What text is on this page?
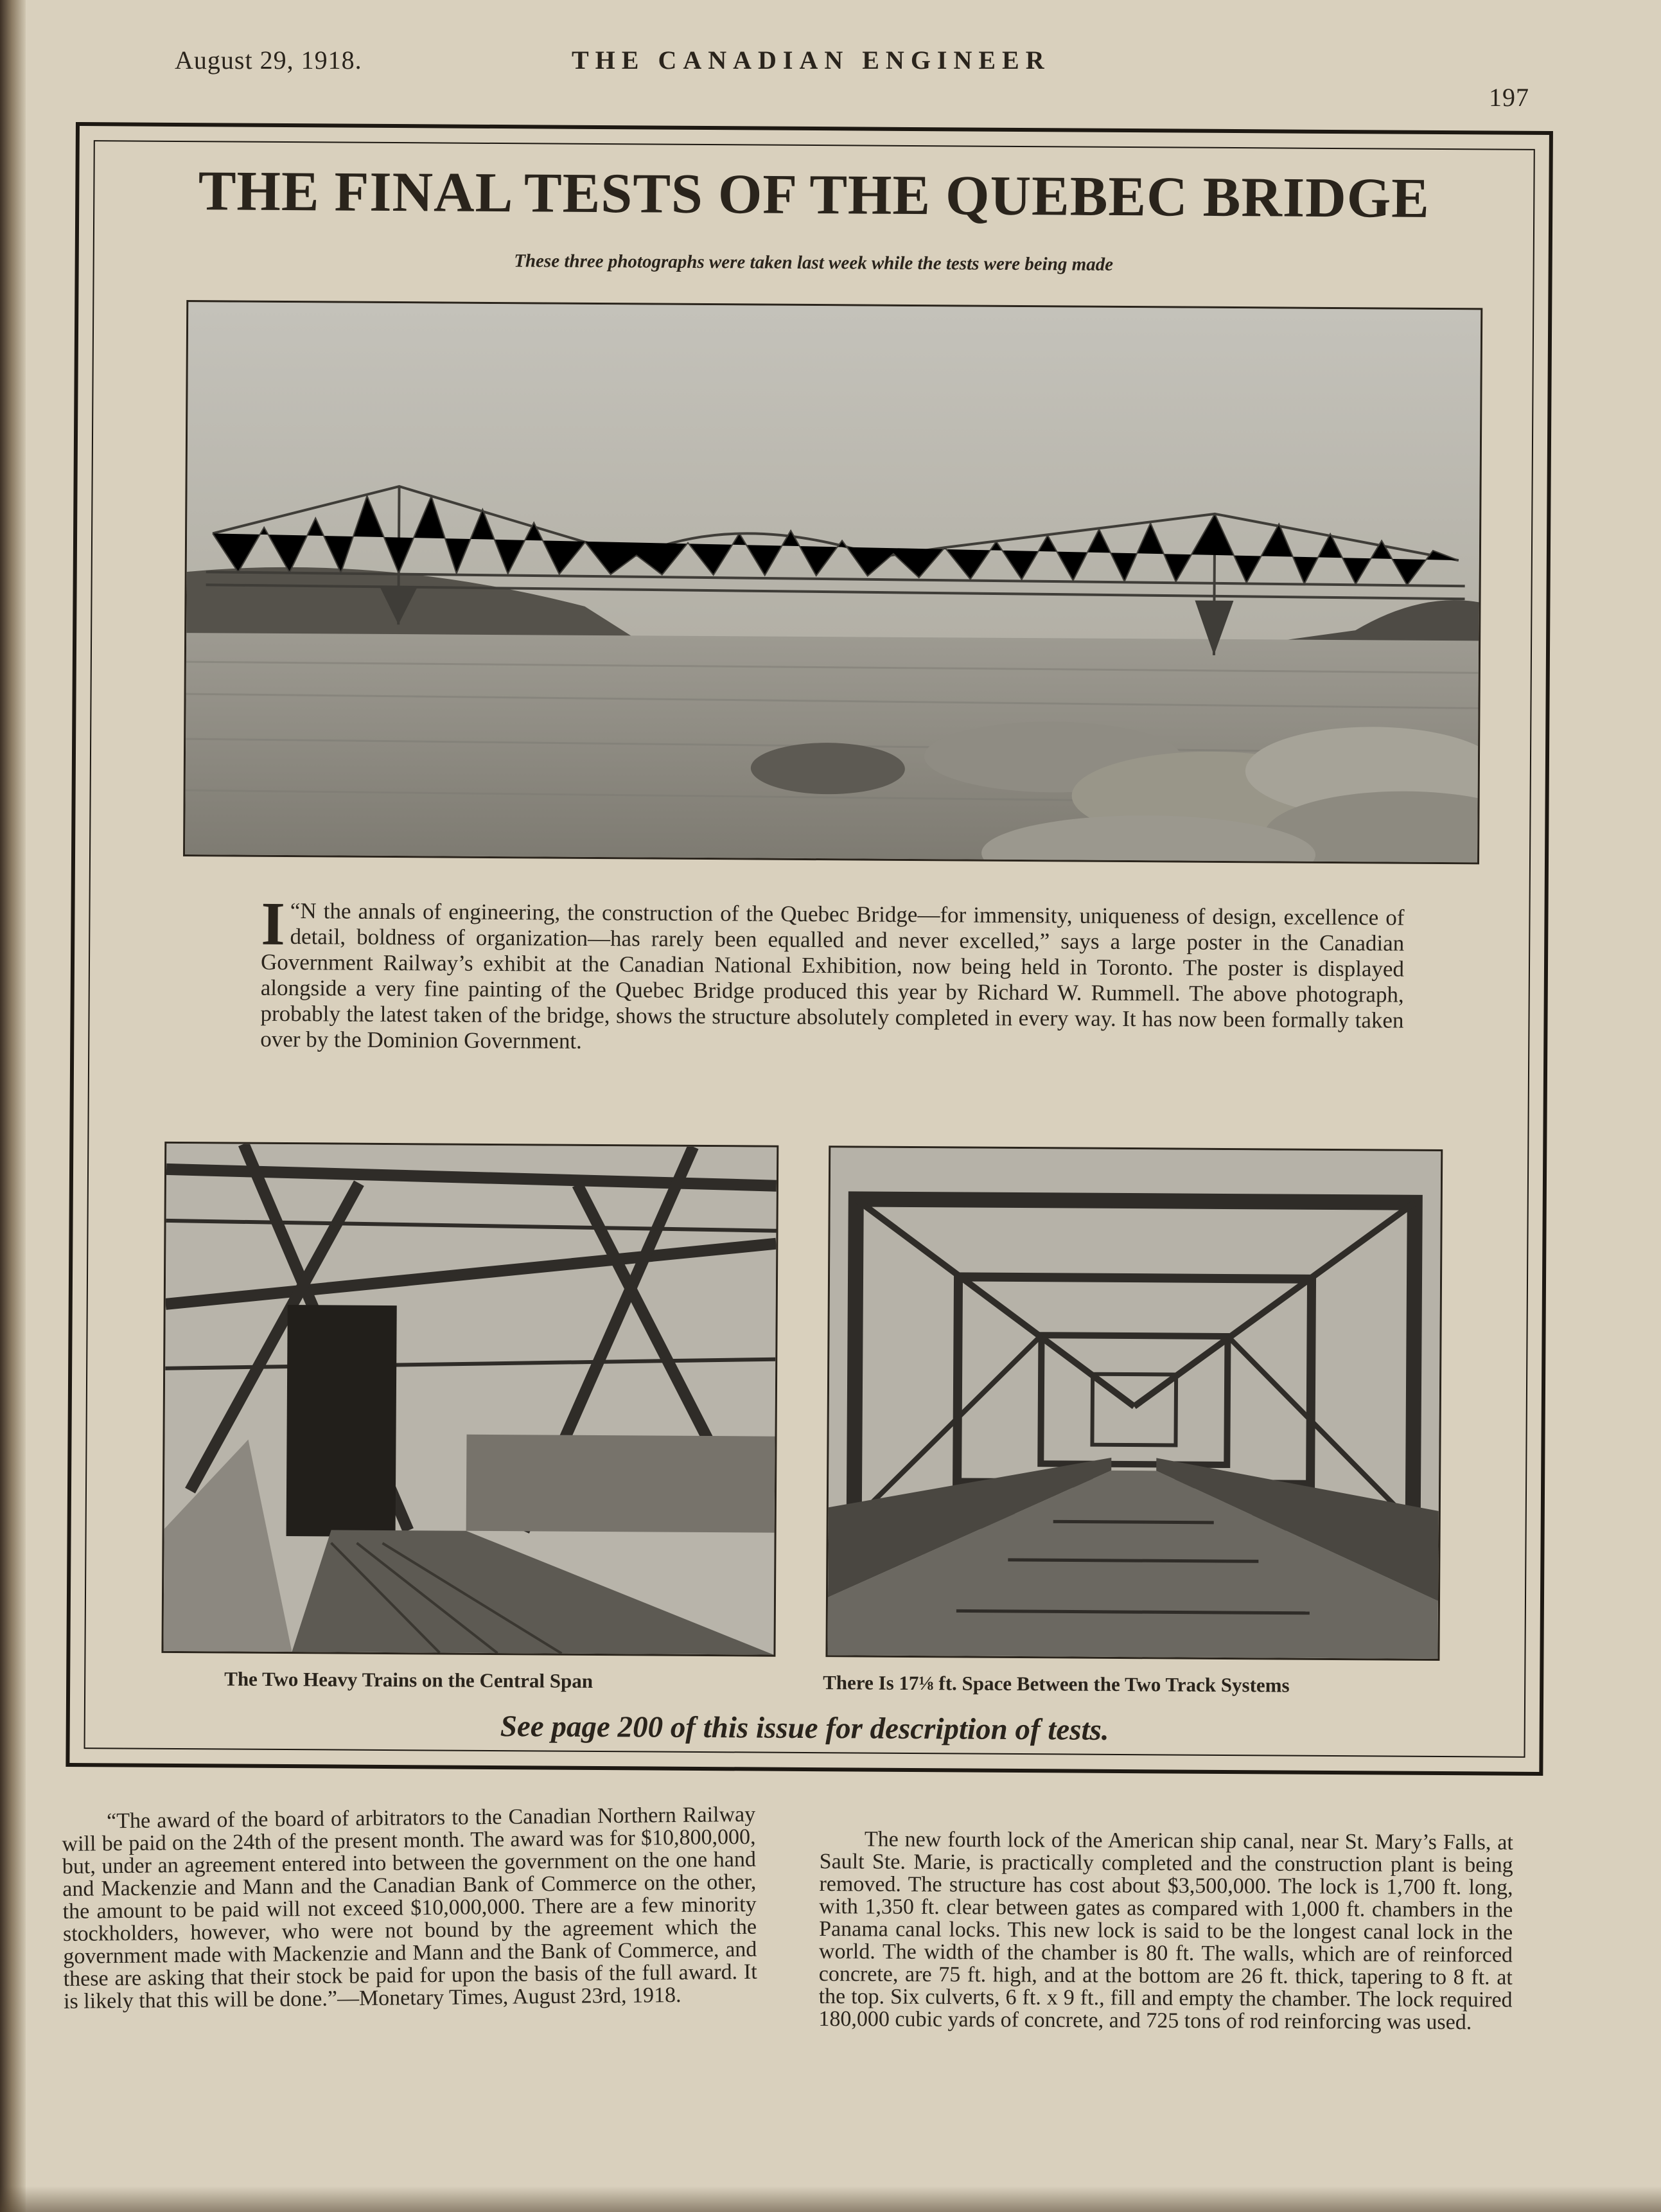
August 29, 1918.	THE CANADIAN ENGINEER
197
THE FINAL TESTS OF THE QUEBEC BRIDGE
These three photographs were taken last week while the tests were being made
“
I N the annals of engineering, the construction of the Quebec Bridge—for immensity, uniqueness of design, excellence of detail, boldness of organization—has rarely been equalled and never excelled,” says a large poster in the Canadian Government Railway’s exhibit at the Canadian National Exhibition, now being held in Toronto. The poster is displayed alongside a very fine painting of the Quebec Bridge produced this year by Richard W. Rummell. The above photograph, probably the latest taken of the bridge, shows the structure absolutely completed in every way. It has now been formally taken over by the Dominion Government.
The Two Heavy Trains on the Central Span	There Is 17⅛ ft. Space Between the Two Track Systems
See page 200 of this issue for description of tests.

“The award of the board of arbitrators to the Canadian Northern Railway will be paid on the 24th of the present month. The award was for $10,800,000, but, under an agreement entered into between the government on the one hand and Mackenzie and Mann and the Canadian Bank of Commerce on the other, the amount to be paid will not exceed $10,000,000. There are a few minority stockholders, however, who were not bound by the agreement which the government made with Mackenzie and Mann and the Bank of Commerce, and these are asking that their stock be paid for upon the basis of the full award. It is likely that this will be done.”—Monetary Times, August 23rd, 1918.

The new fourth lock of the American ship canal, near St. Mary’s Falls, at Sault Ste. Marie, is practically completed and the construction plant is being removed. The structure has cost about $3,500,000. The lock is 1,700 ft. long, with 1,350 ft. clear between gates as compared with 1,000 ft. chambers in the Panama canal locks. This new lock is said to be the longest canal lock in the world. The width of the chamber is 80 ft. The walls, which are of reinforced concrete, are 75 ft. high, and at the bottom are 26 ft. thick, tapering to 8 ft. at the top. Six culverts, 6 ft. x 9 ft., fill and empty the chamber. The lock required 180,000 cubic yards of concrete, and 725 tons of rod reinforcing was used.
